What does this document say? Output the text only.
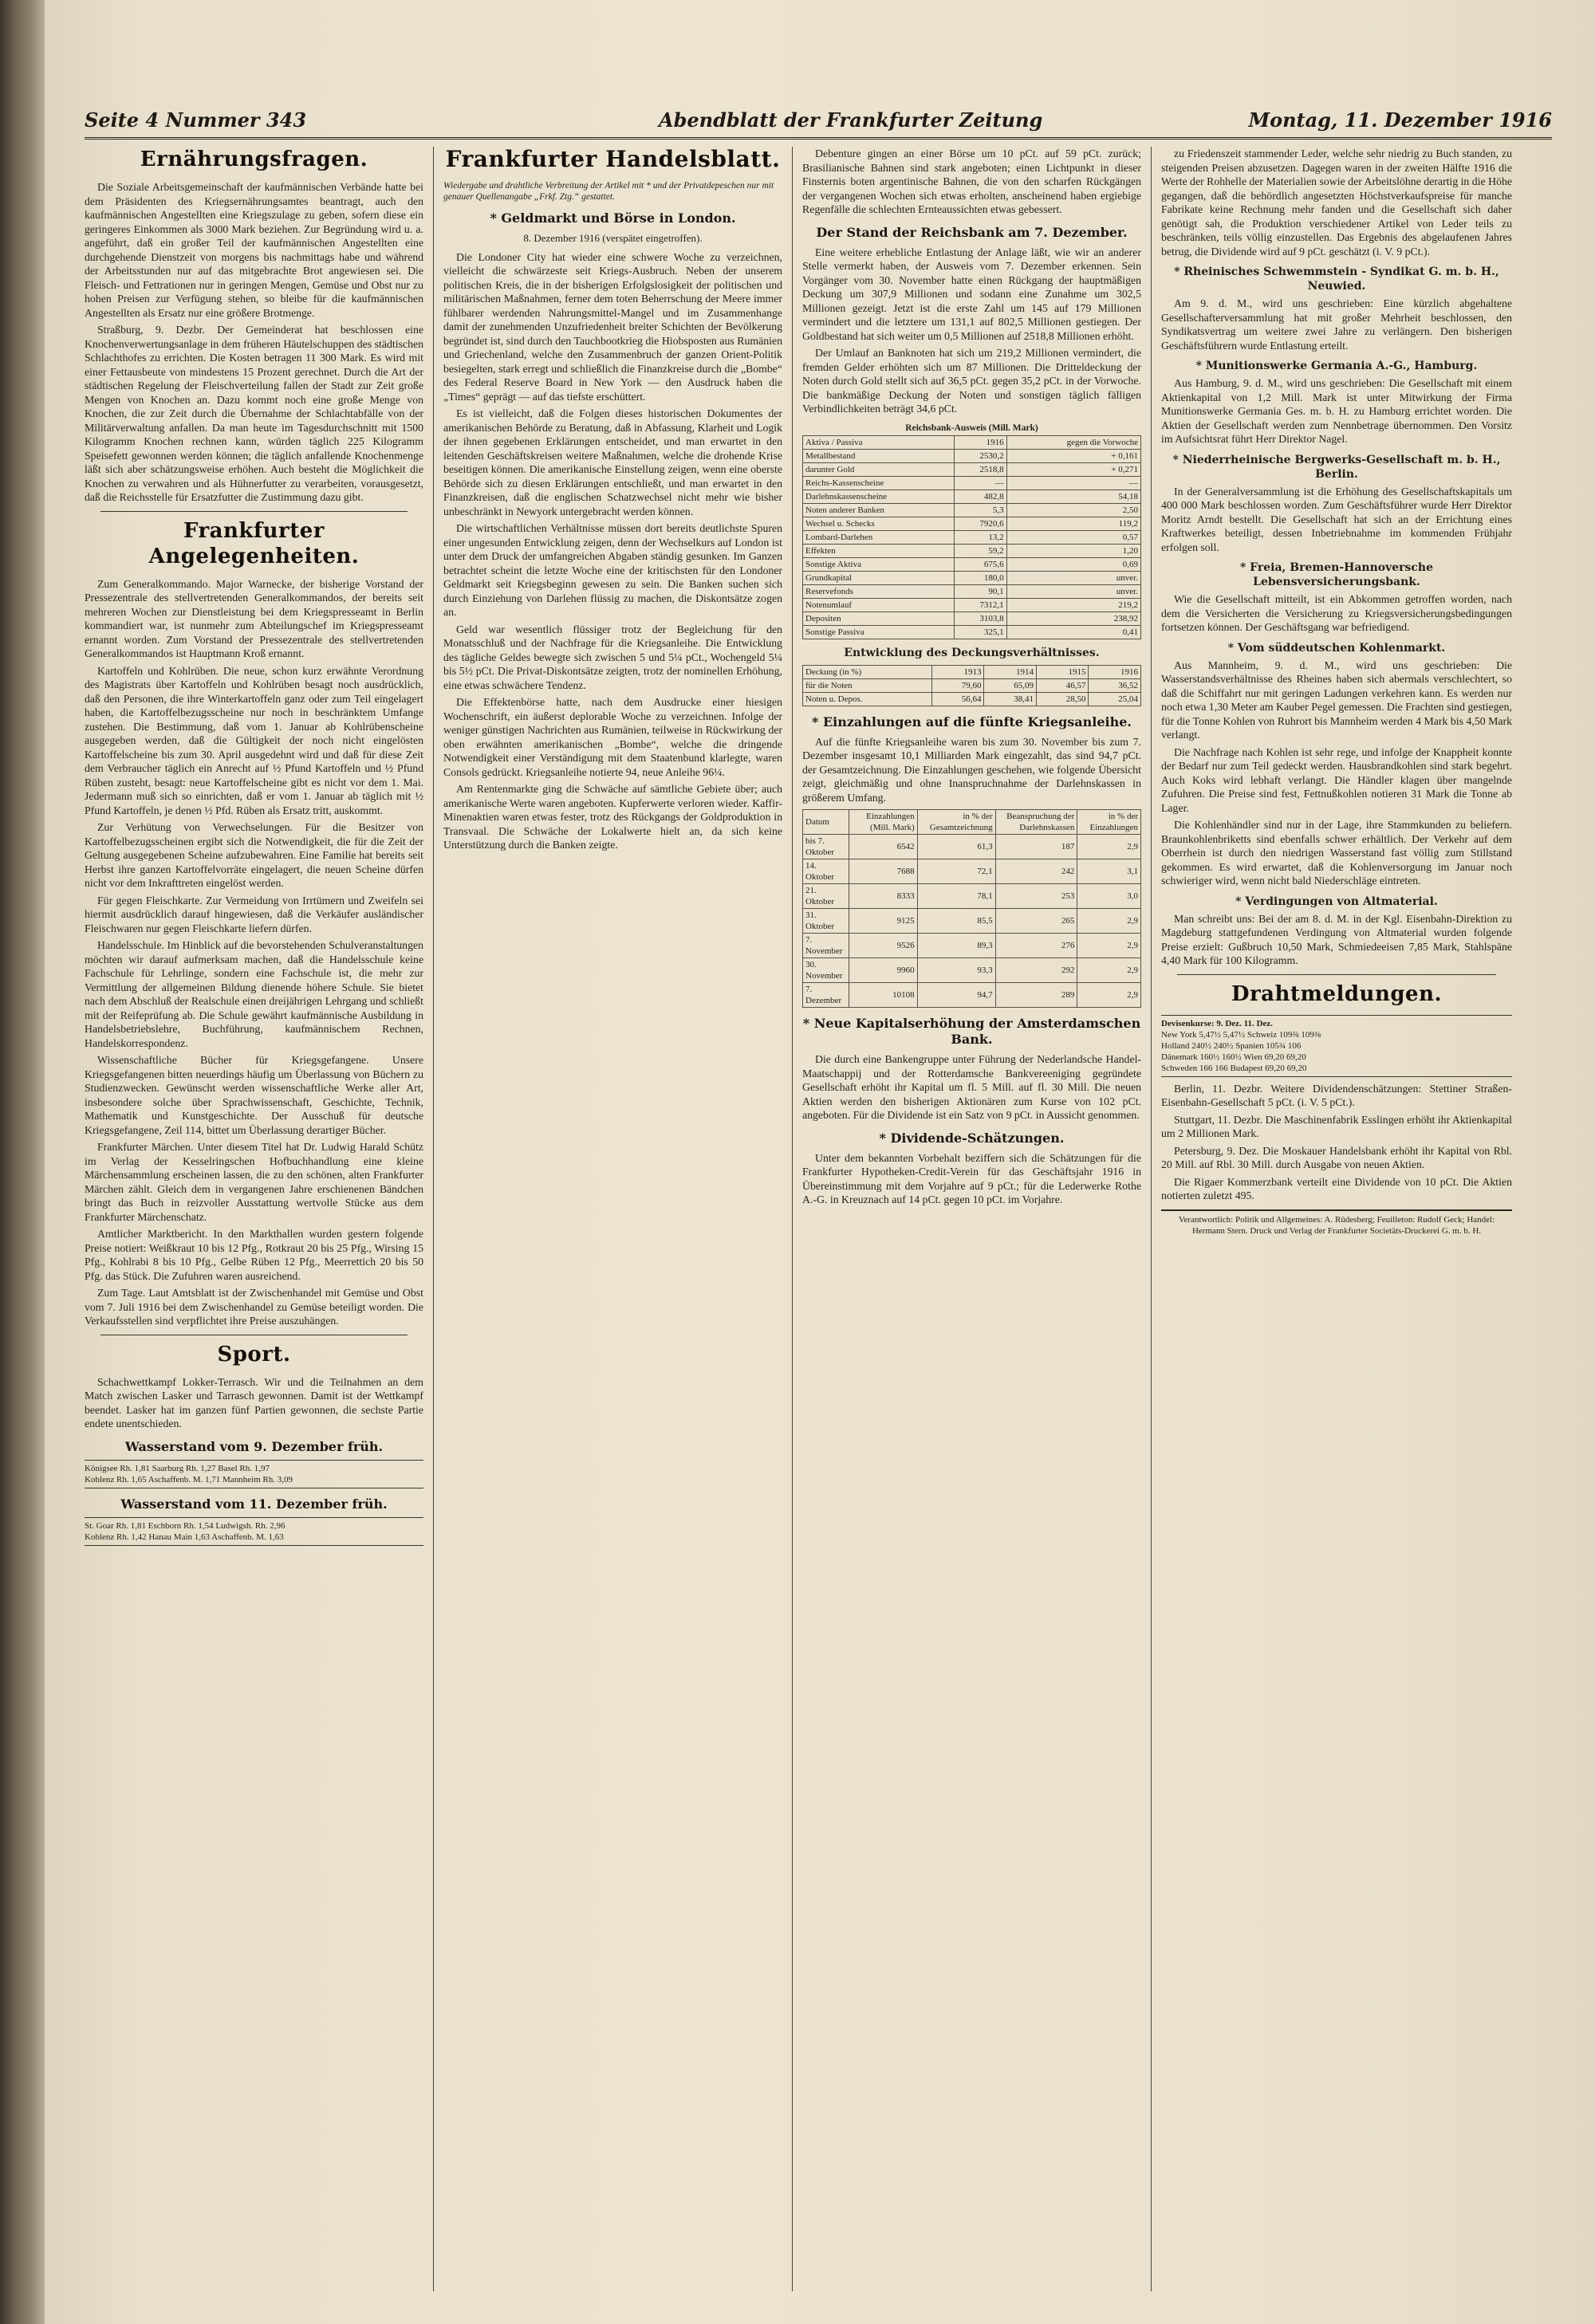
Seite 4 Nummer 343	Abendblatt der Frankfurter Zeitung	Montag, 11. Dezember 1916
Ernährungsfragen.

Die Soziale Arbeitsgemeinschaft der kaufmännischen Verbände hatte bei dem Präsidenten des Kriegsernährungsamtes beantragt, auch den kaufmännischen Angestellten eine Kriegszulage zu geben, sofern diese ein geringeres Einkommen als 3000 Mark beziehen. Zur Begründung wird u. a. angeführt, daß ein großer Teil der kaufmännischen Angestellten eine durchgehende Dienstzeit von morgens bis nachmittags habe und während der Arbeitsstunden nur auf das mitgebrachte Brot angewiesen sei. Die Fleisch- und Fettrationen nur in geringen Mengen, Gemüse und Obst nur zu hohen Preisen zur Verfügung stehen, so bleibe für die kaufmännischen Angestellten als Ersatz nur eine größere Brotmenge.

Straßburg, 9. Dezbr. Der Gemeinderat hat beschlossen eine Knochenverwertungsanlage in dem früheren Häutelschuppen des städtischen Schlachthofes zu errichten. Die Kosten betragen 11 300 Mark. Es wird mit einer Fettausbeute von mindestens 15 Prozent gerechnet. Durch die Art der städtischen Regelung der Fleischverteilung fallen der Stadt zur Zeit große Mengen von Knochen an. Dazu kommt noch eine große Menge von Knochen, die zur Zeit durch die Übernahme der Schlachtabfälle von der Militärverwaltung anfallen. Da man heute im Tagesdurchschnitt mit 1500 Kilogramm Knochen rechnen kann, würden täglich 225 Kilogramm Speisefett gewonnen werden können; die täglich anfallende Knochenmenge läßt sich aber schätzungsweise erhöhen. Auch besteht die Möglichkeit die Knochen zu verwahren und als Hühnerfutter zu verarbeiten, vorausgesetzt, daß die Reichsstelle für Ersatzfutter die Zustimmung dazu gibt.

Frankfurter Angelegenheiten.

Zum Generalkommando. Major Warnecke, der bisherige Vorstand der Pressezentrale des stellvertretenden Generalkommandos, der bereits seit mehreren Wochen zur Dienstleistung bei dem Kriegspresseamt in Berlin kommandiert war, ist nunmehr zum Abteilungschef im Kriegspresseamt ernannt worden. Zum Vorstand der Pressezentrale des stellvertretenden Generalkommandos ist Hauptmann Kroß ernannt.

Kartoffeln und Kohlrüben. Die neue, schon kurz erwähnte Verordnung des Magistrats über Kartoffeln und Kohlrüben besagt noch ausdrücklich, daß den Personen, die ihre Winterkartoffeln ganz oder zum Teil eingelagert haben, die Kartoffelbezugsscheine nur noch in beschränktem Umfange zustehen. Die Bestimmung, daß vom 1. Januar ab Kohlrübenscheine ausgegeben werden, daß die Gültigkeit der noch nicht eingelösten Kartoffelscheine bis zum 30. April ausgedehnt wird und daß für diese Zeit dem Verbraucher täglich ein Anrecht auf ½ Pfund Kartoffeln und ½ Pfund Rüben zusteht, besagt: neue Kartoffelscheine gibt es nicht vor dem 1. Mai. Jedermann muß sich so einrichten, daß er vom 1. Januar ab täglich mit ½ Pfund Kartoffeln, je denen ½ Pfd. Rüben als Ersatz tritt, auskommt.

Zur Verhütung von Verwechselungen. Für die Besitzer von Kartoffelbezugsscheinen ergibt sich die Notwendigkeit, die für die Zeit der Geltung ausgegebenen Scheine aufzubewahren. Eine Familie hat bereits seit Herbst ihre ganzen Kartoffelvorräte eingelagert, die neuen Scheine dürfen nicht vor dem Inkrafttreten eingelöst werden.

Für gegen Fleischkarte. Zur Vermeidung von Irrtümern und Zweifeln sei hiermit ausdrücklich darauf hingewiesen, daß die Verkäufer ausländischer Fleischwaren nur gegen Fleischkarte liefern dürfen.

Handelsschule. Im Hinblick auf die bevorstehenden Schulveranstaltungen möchten wir darauf aufmerksam machen, daß die Handelsschule keine Fachschule für Lehrlinge, sondern eine Fachschule ist, die mehr zur Vermittlung der allgemeinen Bildung dienende höhere Schule. Sie bietet nach dem Abschluß der Realschule einen dreijährigen Lehrgang und schließt mit der Reifeprüfung ab. Die Schule gewährt kaufmännische Ausbildung in Handelsbetriebslehre, Buchführung, kaufmännischem Rechnen, Handelskorrespondenz.

Wissenschaftliche Bücher für Kriegsgefangene. Unsere Kriegsgefangenen bitten neuerdings häufig um Überlassung von Büchern zu Studienzwecken. Gewünscht werden wissenschaftliche Werke aller Art, insbesondere solche über Sprachwissenschaft, Geschichte, Technik, Mathematik und Kunstgeschichte. Der Ausschuß für deutsche Kriegsgefangene, Zeil 114, bittet um Überlassung derartiger Bücher.

Frankfurter Märchen. Unter diesem Titel hat Dr. Ludwig Harald Schütz im Verlag der Kesselringschen Hofbuchhandlung eine kleine Märchensammlung erscheinen lassen, die zu den schönen, alten Frankfurter Märchen zählt. Gleich dem in vergangenen Jahre erschienenen Bändchen bringt das Buch in reizvoller Ausstattung wertvolle Stücke aus dem Frankfurter Märchenschatz.

Amtlicher Marktbericht. In den Markthallen wurden gestern folgende Preise notiert: Weißkraut 10 bis 12 Pfg., Rotkraut 20 bis 25 Pfg., Wirsing 15 Pfg., Kohlrabi 8 bis 10 Pfg., Gelbe Rüben 12 Pfg., Meerrettich 20 bis 50 Pfg. das Stück. Die Zufuhren waren ausreichend.

Zum Tage. Laut Amtsblatt ist der Zwischenhandel mit Gemüse und Obst vom 7. Juli 1916 bei dem Zwischenhandel zu Gemüse beteiligt worden. Die Verkaufsstellen sind verpflichtet ihre Preise auszuhängen.

Sport.

Schachwettkampf Lokker-Terrasch. Wir und die Teilnahmen an dem Match zwischen Lasker und Tarrasch gewonnen. Damit ist der Wettkampf beendet. Lasker hat im ganzen fünf Partien gewonnen, die sechste Partie endete unentschieden.

Wasserstand vom 9. Dezember früh.
Königsee Rh. 1,81 Saarburg Rh. 1,27 Basel Rh. 1,97
Koblenz Rh. 1,65 Aschaffenb. M. 1,71 Mannheim Rh. 3,09
Wasserstand vom 11. Dezember früh.
St. Goar Rh. 1,81 Eschborn Rh. 1,54 Ludwigsh. Rh. 2,96
Koblenz Rh. 1,42 Hanau Main 1,63 Aschaffenb. M. 1,63
Frankfurter Handelsblatt.
Wiedergabe und drahtliche Verbreitung der Artikel mit * und der Privatdepeschen nur mit genauer Quellenangabe „Frkf. Ztg.“ gestattet.
* Geldmarkt und Börse in London.
8. Dezember 1916 (verspätet eingetroffen).

Die Londoner City hat wieder eine schwere Woche zu verzeichnen, vielleicht die schwärzeste seit Kriegs-Ausbruch. Neben der unserem politischen Kreis, die in der bisherigen Erfolgslosigkeit der politischen und militärischen Maßnahmen, ferner dem toten Beherrschung der Meere immer fühlbarer werdenden Nahrungsmittel-Mangel und im Zusammenhange damit der zunehmenden Unzufriedenheit breiter Schichten der Bevölkerung begründet ist, sind durch den Tauchbootkrieg die Hiobsposten aus Rumänien und Griechenland, welche den Zusammenbruch der ganzen Orient-Politik besiegelten, stark erregt und schließlich die Finanzkreise durch die „Bombe“ des Federal Reserve Board in New York — den Ausdruck haben die „Times“ geprägt — auf das tiefste erschüttert.

Es ist vielleicht, daß die Folgen dieses historischen Dokumentes der amerikanischen Behörde zu Beratung, daß in Abfassung, Klarheit und Logik der ihnen gegebenen Erklärungen entscheidet, und man erwartet in den leitenden Geschäftskreisen weitere Maßnahmen, welche die drohende Krise beseitigen können. Die amerikanische Einstellung zeigen, wenn eine oberste Behörde sich zu diesen Erklärungen entschließt, und man erwartet in den Finanzkreisen, daß die englischen Schatzwechsel nicht mehr wie bisher unbeschränkt in Newyork untergebracht werden können.

Die wirtschaftlichen Verhältnisse müssen dort bereits deutlichste Spuren einer ungesunden Entwicklung zeigen, denn der Wechselkurs auf London ist unter dem Druck der umfangreichen Abgaben ständig gesunken. Im Ganzen betrachtet scheint die letzte Woche eine der kritischsten für den Londoner Geldmarkt seit Kriegsbeginn gewesen zu sein. Die Banken suchen sich durch Einziehung von Darlehen flüssig zu machen, die Diskontsätze zogen an.

Geld war wesentlich flüssiger trotz der Begleichung für den Monatsschluß und der Nachfrage für die Kriegsanleihe. Die Entwicklung des tägliche Geldes bewegte sich zwischen 5 und 5¼ pCt., Wochengeld 5¼ bis 5½ pCt. Die Privat-Diskontsätze zeigten, trotz der nominellen Erhöhung, eine etwas schwächere Tendenz.

Die Effektenbörse hatte, nach dem Ausdrucke einer hiesigen Wochenschrift, ein äußerst deplorable Woche zu verzeichnen. Infolge der weniger günstigen Nachrichten aus Rumänien, teilweise in Rückwirkung der oben erwähnten amerikanischen „Bombe“, welche die dringende Notwendigkeit einer Verständigung mit dem Staatenbund klarlegte, waren Consols gedrückt. Kriegsanleihe notierte 94, neue Anleihe 96¼.

Am Rentenmarkte ging die Schwäche auf sämtliche Gebiete über; auch amerikanische Werte waren angeboten. Kupferwerte verloren wieder. Kaffir-Minenaktien waren etwas fester, trotz des Rückgangs der Goldproduktion in Transvaal. Die Schwäche der Lokalwerte hielt an, da sich keine Unterstützung durch die Banken zeigte.

Debenture gingen an einer Börse um 10 pCt. auf 59 pCt. zurück; Brasilianische Bahnen sind stark angeboten; einen Lichtpunkt in dieser Finsternis boten argentinische Bahnen, die von den scharfen Rückgängen der vergangenen Wochen sich etwas erholten, anscheinend haben ergiebige Regenfälle die schlechten Ernteaussichten etwas gebessert.

Der Stand der Reichsbank am 7. Dezember.

Eine weitere erhebliche Entlastung der Anlage läßt, wie wir an anderer Stelle vermerkt haben, der Ausweis vom 7. Dezember erkennen. Sein Vorgänger vom 30. November hatte einen Rückgang der hauptmäßigen Deckung um 307,9 Millionen und sodann eine Zunahme um 302,5 Millionen gezeigt. Jetzt ist die erste Zahl um 145 auf 179 Millionen vermindert und die letztere um 131,1 auf 802,5 Millionen gestiegen. Der Goldbestand hat sich weiter um 0,5 Millionen auf 2518,8 Millionen erhöht.

Der Umlauf an Banknoten hat sich um 219,2 Millionen vermindert, die fremden Gelder erhöhten sich um 87 Millionen. Die Dritteldeckung der Noten durch Gold stellt sich auf 36,5 pCt. gegen 35,2 pCt. in der Vorwoche. Die bankmäßige Deckung der Noten und sonstigen täglich fälligen Verbindlichkeiten beträgt 34,6 pCt.

Reichsbank-Ausweis (Mill. Mark)
Aktiva / Passiva	1916	gegen die Vorwoche
Metallbestand	2530,2	+ 0,161
darunter Gold	2518,8	+ 0,271
Reichs-Kassenscheine	—	—
Darlehnskassenscheine	482,8	54,18
Noten anderer Banken	5,3	2,50
Wechsel u. Schecks	7920,6	119,2
Lombard-Darlehen	13,2	0,57
Effekten	59,2	1,20
Sonstige Aktiva	675,6	0,69
Grundkapital	180,0	unver.
Reservefonds	90,1	unver.
Notenumlauf	7312,1	219,2
Depositen	3103,8	238,92
Sonstige Passiva	325,1	0,41
Entwicklung des Deckungsverhältnisses.
Deckung (in %)	1913	1914	1915	1916
für die Noten	79,60	65,09	46,57	36,52
Noten u. Depos.	56,64	38,41	28,50	25,04
* Einzahlungen auf die fünfte Kriegsanleihe.

Auf die fünfte Kriegsanleihe waren bis zum 30. November bis zum 7. Dezember insgesamt 10,1 Milliarden Mark eingezahlt, das sind 94,7 pCt. der Gesamtzeichnung. Die Einzahlungen geschehen, wie folgende Übersicht zeigt, gleichmäßig und ohne Inanspruchnahme der Darlehnskassen in größerem Umfang.

Datum	Einzahlungen (Mill. Mark)	in % der Gesamtzeichnung	Beanspruchung der Darlehnskassen	in % der Einzahlungen
bis 7. Oktober	6542	61,3	187	2,9
14. Oktober	7688	72,1	242	3,1
21. Oktober	8333	78,1	253	3,0
31. Oktober	9125	85,5	265	2,9
7. November	9526	89,3	276	2,9
30. November	9960	93,3	292	2,9
7. Dezember	10108	94,7	289	2,9
* Neue Kapitalserhöhung der Amsterdamschen Bank.

Die durch eine Bankengruppe unter Führung der Nederlandsche Handel-Maatschappij und der Rotterdamsche Bankvereeniging gegründete Gesellschaft erhöht ihr Kapital um fl. 5 Mill. auf fl. 30 Mill. Die neuen Aktien werden den bisherigen Aktionären zum Kurse von 102 pCt. angeboten. Für die Dividende ist ein Satz von 9 pCt. in Aussicht genommen.

* Dividende-Schätzungen.

Unter dem bekannten Vorbehalt beziffern sich die Schätzungen für die Frankfurter Hypotheken-Credit-Verein für das Geschäftsjahr 1916 in Übereinstimmung mit dem Vorjahre auf 9 pCt.; für die Lederwerke Rothe A.-G. in Kreuznach auf 14 pCt. gegen 10 pCt. im Vorjahre.

zu Friedenszeit stammender Leder, welche sehr niedrig zu Buch standen, zu steigenden Preisen abzusetzen. Dagegen waren in der zweiten Hälfte 1916 die Werte der Rohhelle der Materialien sowie der Arbeitslöhne derartig in die Höhe gegangen, daß die behördlich angesetzten Höchstverkaufspreise für manche Fabrikate keine Rechnung mehr fanden und die Gesellschaft sich daher genötigt sah, die Produktion verschiedener Artikel von Leder teils zu beschränken, teils völlig einzustellen. Das Ergebnis des abgelaufenen Jahres betrug, die Dividende wird auf 9 pCt. geschätzt (i. V. 9 pCt.).

* Rheinisches Schwemmstein - Syndikat G. m. b. H., Neuwied.

Am 9. d. M., wird uns geschrieben: Eine kürzlich abgehaltene Gesellschafterversammlung hat mit großer Mehrheit beschlossen, den Syndikatsvertrag um weitere zwei Jahre zu verlängern. Den bisherigen Geschäftsführern wurde Entlastung erteilt.

* Munitionswerke Germania A.-G., Hamburg.

Aus Hamburg, 9. d. M., wird uns geschrieben: Die Gesellschaft mit einem Aktienkapital von 1,2 Mill. Mark ist unter Mitwirkung der Firma Munitionswerke Germania Ges. m. b. H. zu Hamburg errichtet worden. Die Aktien der Gesellschaft werden zum Nennbetrage übernommen. Den Vorsitz im Aufsichtsrat führt Herr Direktor Nagel.

* Niederrheinische Bergwerks-Gesellschaft m. b. H., Berlin.

In der Generalversammlung ist die Erhöhung des Gesellschaftskapitals um 400 000 Mark beschlossen worden. Zum Geschäftsführer wurde Herr Direktor Moritz Arndt bestellt. Die Gesellschaft hat sich an der Errichtung eines Kraftwerkes beteiligt, dessen Inbetriebnahme im kommenden Frühjahr erfolgen soll.

* Freia, Bremen-Hannoversche Lebensversicherungsbank.

Wie die Gesellschaft mitteilt, ist ein Abkommen getroffen worden, nach dem die Versicherten die Versicherung zu Kriegsversicherungsbedingungen fortsetzen können. Der Geschäftsgang war befriedigend.

* Vom süddeutschen Kohlenmarkt.

Aus Mannheim, 9. d. M., wird uns geschrieben: Die Wasserstandsverhältnisse des Rheines haben sich abermals verschlechtert, so daß die Schiffahrt nur mit geringen Ladungen verkehren kann. Es werden nur noch etwa 1,30 Meter am Kauber Pegel gemessen. Die Frachten sind gestiegen, für die Tonne Kohlen von Ruhrort bis Mannheim werden 4 Mark bis 4,50 Mark verlangt.

Die Nachfrage nach Kohlen ist sehr rege, und infolge der Knappheit konnte der Bedarf nur zum Teil gedeckt werden. Hausbrandkohlen sind stark begehrt. Auch Koks wird lebhaft verlangt. Die Händler klagen über mangelnde Zufuhren. Die Preise sind fest, Fettnußkohlen notieren 31 Mark die Tonne ab Lager.

Die Kohlenhändler sind nur in der Lage, ihre Stammkunden zu beliefern. Braunkohlenbriketts sind ebenfalls schwer erhältlich. Der Verkehr auf dem Oberrhein ist durch den niedrigen Wasserstand fast völlig zum Stillstand gekommen. Es wird erwartet, daß die Kohlenversorgung im Januar noch schwieriger wird, wenn nicht bald Niederschläge eintreten.

* Verdingungen von Altmaterial.

Man schreibt uns: Bei der am 8. d. M. in der Kgl. Eisenbahn-Direktion zu Magdeburg stattgefundenen Verdingung von Altmaterial wurden folgende Preise erzielt: Gußbruch 10,50 Mark, Schmiedeeisen 7,85 Mark, Stahlspäne 4,40 Mark für 100 Kilogramm.

Drahtmeldungen.
Devisenkurse: 9. Dez. 11. Dez.
New York 5,47½ 5,47½ Schweiz 109⅜ 109⅜
Holland 240½ 240½ Spanien 105¾ 106
Dänemark 160½ 160½ Wien 69,20 69,20
Schweden 166 166 Budapest 69,20 69,20

Berlin, 11. Dezbr. Weitere Dividendenschätzungen: Stettiner Straßen-Eisenbahn-Gesellschaft 5 pCt. (i. V. 5 pCt.).

Stuttgart, 11. Dezbr. Die Maschinenfabrik Esslingen erhöht ihr Aktienkapital um 2 Millionen Mark.

Petersburg, 9. Dez. Die Moskauer Handelsbank erhöht ihr Kapital von Rbl. 20 Mill. auf Rbl. 30 Mill. durch Ausgabe von neuen Aktien.

Die Rigaer Kommerzbank verteilt eine Dividende von 10 pCt. Die Aktien notierten zuletzt 495.

Verantwortlich: Politik und Allgemeines: A. Rüdesberg; Feuilleton: Rudolf Geck; Handel: Hermann Stern. Druck und Verlag der Frankfurter Societäts-Druckerei G. m. b. H.
